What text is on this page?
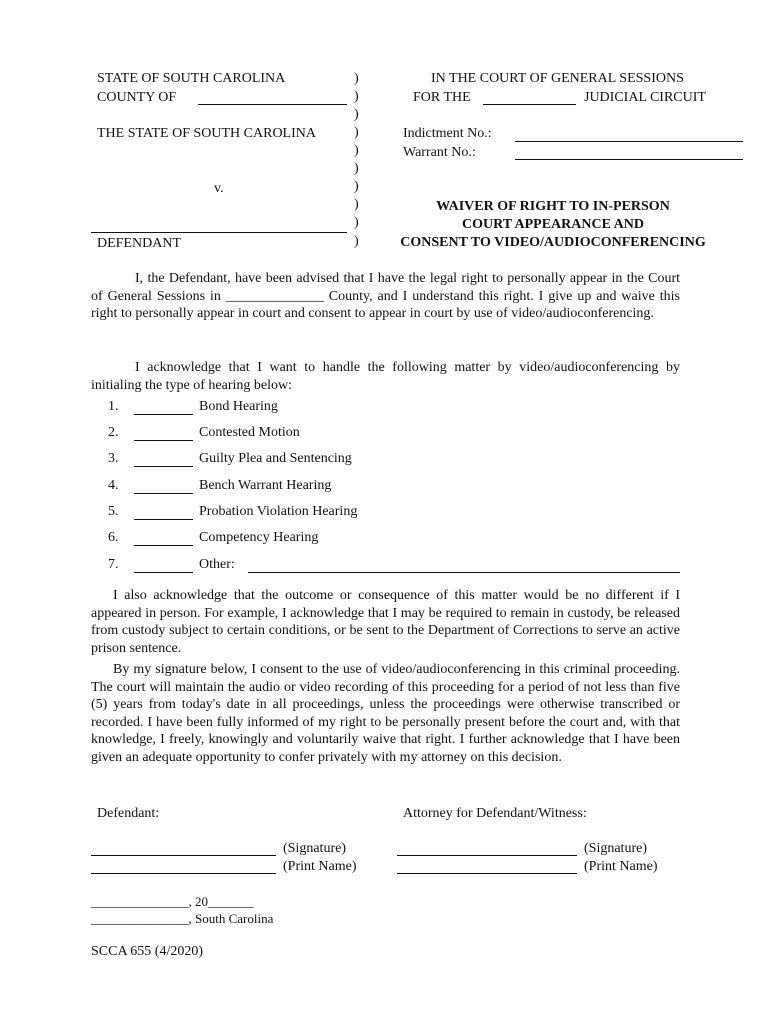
STATE OF SOUTH CAROLINA
COUNTY OF
THE STATE OF SOUTH CAROLINA
v.
DEFENDANT
)
)
)
)
)
)
)
)
)
)
IN THE COURT OF GENERAL SESSIONS
FOR THE	JUDICIAL CIRCUIT
Indictment No.:
Warrant No.:
WAIVER OF RIGHT TO IN-PERSON
COURT APPEARANCE AND
CONSENT TO VIDEO/AUDIOCONFERENCING

I, the Defendant, have been advised that I have the legal right to personally appear in the Court of General Sessions in ______________ County, and I understand this right. I give up and waive this right to personally appear in court and consent to appear in court by use of video/audioconferencing.

I acknowledge that I want to handle the following matter by video/audioconferencing by initialing the type of hearing below:

1.	Bond Hearing
2.	Contested Motion
3.	Guilty Plea and Sentencing
4.	Bench Warrant Hearing
5.	Probation Violation Hearing
6.	Competency Hearing
7.	Other:

I also acknowledge that the outcome or consequence of this matter would be no different if I appeared in person. For example, I acknowledge that I may be required to remain in custody, be released from custody subject to certain conditions, or be sent to the Department of Corrections to serve an active prison sentence.

By my signature below, I consent to the use of video/audioconferencing in this criminal proceeding. The court will maintain the audio or video recording of this proceeding for a period of not less than five (5) years from today's date in all proceedings, unless the proceedings were otherwise transcribed or recorded. I have been fully informed of my right to be personally present before the court and, with that knowledge, I freely, knowingly and voluntarily waive that right. I further acknowledge that I have been given an adequate opportunity to confer privately with my attorney on this decision.

Defendant:	Attorney for Defendant/Witness:
(Signature)
(Print Name)
(Signature)
(Print Name)
_______________, 20_______
_______________, South Carolina
SCCA 655 (4/2020)
